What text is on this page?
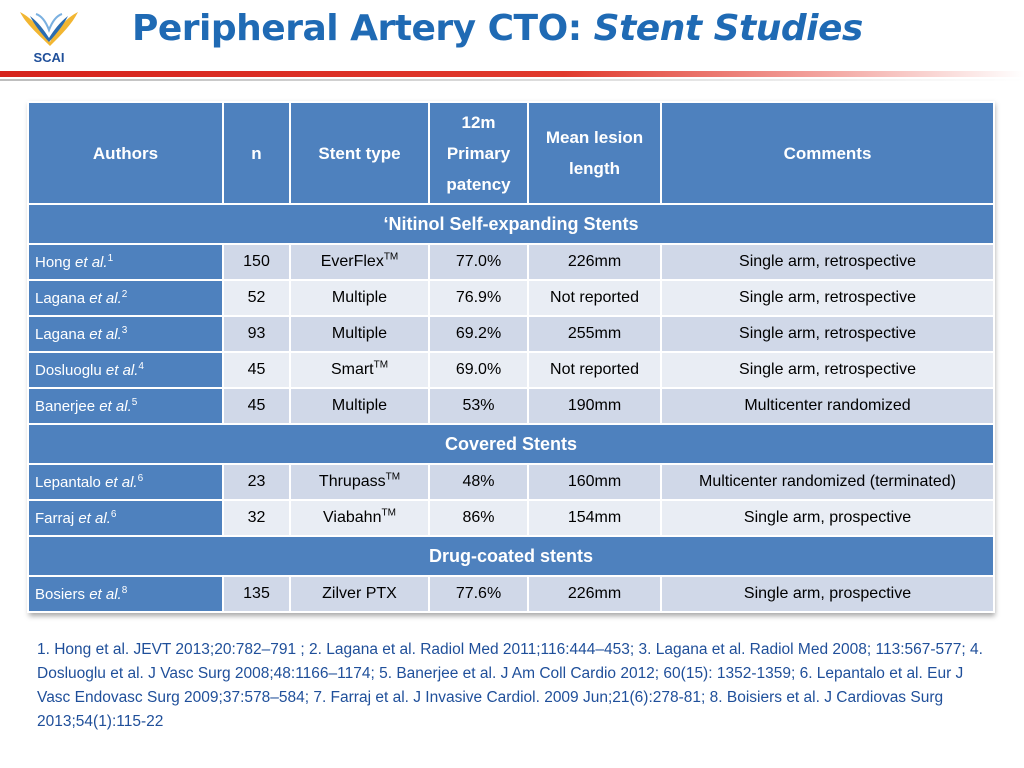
SCAI
Peripheral Artery CTO: Stent Studies
Authors	n	Stent type	12m Primary patency	Mean lesion length	Comments
‘Nitinol Self-expanding Stents					
Hong et al.$^1$	150	EverFlex™	77.0%	226mm	Single arm, retrospective
Lagana et al.$^2$	52	Multiple	76.9%	Not reported	Single arm, retrospective
Lagana et al.$^3$	93	Multiple	69.2%	255mm	Single arm, retrospective
Dosluoglu et al.$^4$	45	Smart™	69.0%	Not reported	Single arm, retrospective
Banerjee et al.$^5$	45	Multiple	53%	190mm	Multicenter randomized
Covered Stents					
Lepantalo et al.$^6$	23	Thrupass™	48%	160mm	Multicenter randomized (terminated)
Farraj et al.$^6$	32	Viabahn™	86%	154mm	Single arm, prospective
Drug-coated stents					
Bosiers et al.$^8$	135	Zilver PTX	77.6%	226mm	Single arm, prospective

1. Hong et al. JEVT 2013;20:782–791 ; 2. Lagana et al. Radiol Med 2011;116:444–453; 3. Lagana et al. Radiol Med 2008; 113:567-577; 4. Dosluoglu et al. J Vasc Surg 2008;48:1166–1174; 5. Banerjee et al. J Am Coll Cardio 2012; 60(15): 1352-1359; 6. Lepantalo et al. Eur J Vasc Endovasc Surg 2009;37:578–584; 7. Farraj et al. J Invasive Cardiol. 2009 Jun;21(6):278-81; 8. Boisiers et al. J Cardiovas Surg 2013;54(1):115-22
